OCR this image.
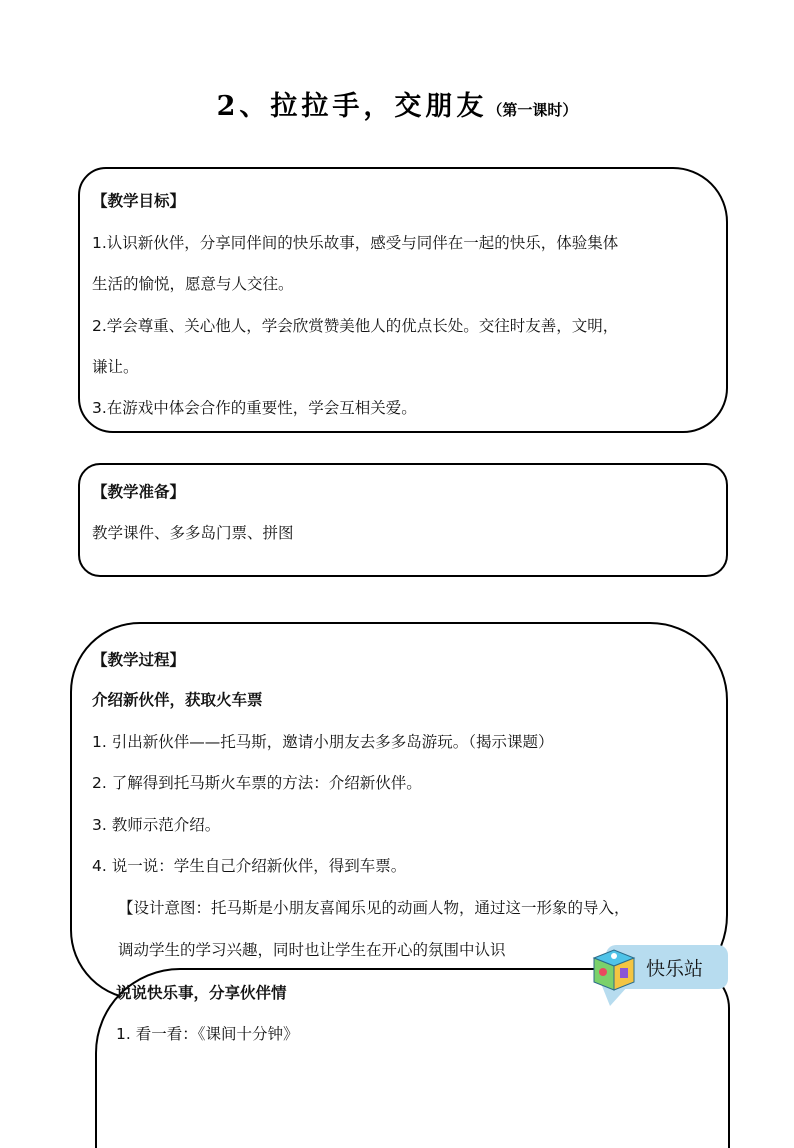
2、拉拉手，交朋友（第一课时）
【教学目标】
1.认识新伙伴，分享同伴间的快乐故事，感受与同伴在一起的快乐，体验集体
生活的愉悦，愿意与人交往。
2.学会尊重、关心他人，学会欣赏赞美他人的优点长处。交往时友善，文明，
谦让。
3.在游戏中体会合作的重要性，学会互相关爱。
【教学准备】
教学课件、多多岛门票、拼图
【教学过程】
介绍新伙伴，获取火车票
1. 引出新伙伴——托马斯，邀请小朋友去多多岛游玩。（揭示课题）
2. 了解得到托马斯火车票的方法：介绍新伙伴。
3. 教师示范介绍。
4. 说一说：学生自己介绍新伙伴，得到车票。
【设计意图：托马斯是小朋友喜闻乐见的动画人物，通过这一形象的导入，
调动学生的学习兴趣，同时也让学生在开心的氛围中认识
说说快乐事，分享伙伴情
1. 看一看：《课间十分钟》
快乐站
